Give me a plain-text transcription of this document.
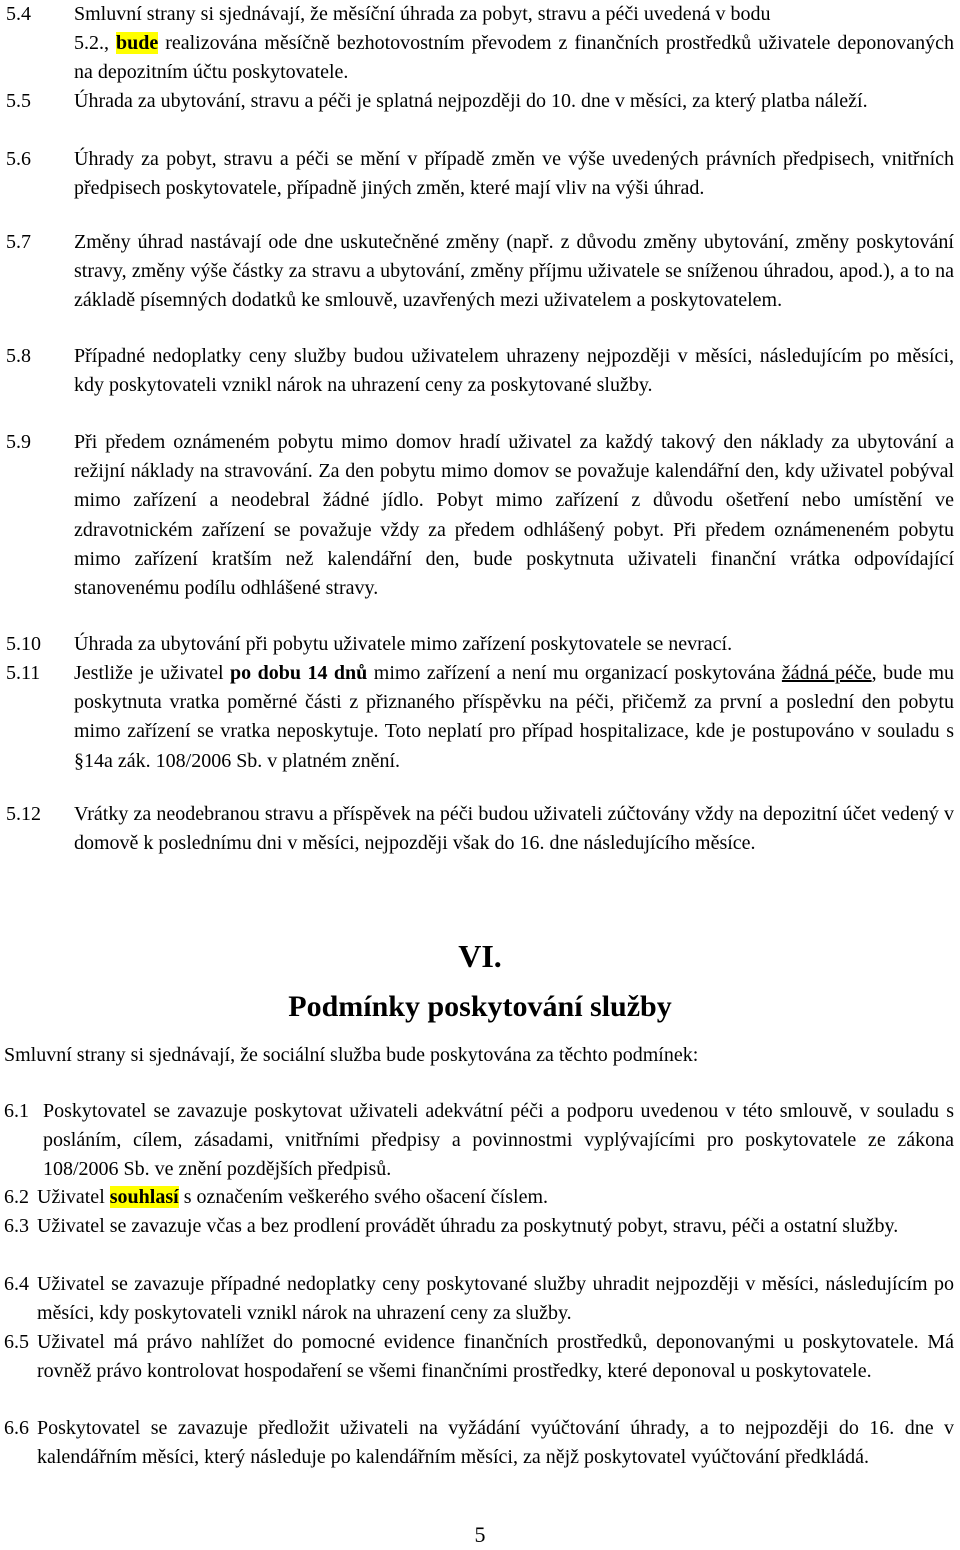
5.4 Smluvní strany si sjednávají, že měsíční úhrada za pobyt, stravu a péči uvedená v bodu
5.2., bude realizována měsíčně bezhotovostním převodem z finančních prostředků uživatele deponovaných na depozitním účtu poskytovatele.
5.5 Úhrada za ubytování, stravu a péči je splatná nejpozději do 10. dne v měsíci, za který platba náleží.
5.6 Úhrady za pobyt, stravu a péči se mění v případě změn ve výše uvedených právních předpisech, vnitřních předpisech poskytovatele, případně jiných změn, které mají vliv na výši úhrad.
5.7 Změny úhrad nastávají ode dne uskutečněné změny (např. z důvodu změny ubytování, změny poskytování stravy, změny výše částky za stravu a ubytování, změny příjmu uživatele se sníženou úhradou, apod.), a to na základě písemných dodatků ke smlouvě, uzavřených mezi uživatelem a poskytovatelem.
5.8 Případné nedoplatky ceny služby budou uživatelem uhrazeny nejpozději v měsíci, následujícím po měsíci, kdy poskytovateli vznikl nárok na uhrazení ceny za poskytované služby.
5.9 Při předem oznámeném pobytu mimo domov hradí uživatel za každý takový den náklady za ubytování a režijní náklady na stravování. Za den pobytu mimo domov se považuje kalendářní den, kdy uživatel pobýval mimo zařízení a neodebral žádné jídlo. Pobyt mimo zařízení z důvodu ošetření nebo umístění ve zdravotnickém zařízení se považuje vždy za předem odhlášený pobyt. Při předem oznámeneném pobytu mimo zařízení kratším než kalendářní den, bude poskytnuta uživateli finanční vrátka odpovídající stanovenému podílu odhlášené stravy.
5.10 Úhrada za ubytování při pobytu uživatele mimo zařízení poskytovatele se nevrací.
5.11 Jestliže je uživatel po dobu 14 dnů mimo zařízení a není mu organizací poskytována žádná péče, bude mu poskytnuta vratka poměrné části z přiznaného příspěvku na péči, přičemž za první a poslední den pobytu mimo zařízení se vratka neposkytuje. Toto neplatí pro případ hospitalizace, kde je postupováno v souladu s §14a zák. 108/2006 Sb. v platném znění.
5.12 Vrátky za neodebranou stravu a příspěvek na péči budou uživateli zúčtovány vždy na depozitní účet vedený v domově k poslednímu dni v měsíci, nejpozději však do 16. dne následujícího měsíce.
VI.
Podmínky poskytování služby
Smluvní strany si sjednávají, že sociální služba bude poskytována za těchto podmínek:
6.1 Poskytovatel se zavazuje poskytovat uživateli adekvátní péči a podporu uvedenou v této smlouvě, v souladu s posláním, cílem, zásadami, vnitřními předpisy a povinnostmi vyplývajícími pro poskytovatele ze zákona 108/2006 Sb. ve znění pozdějších předpisů.
6.2 Uživatel souhlasí s označením veškerého svého ošacení číslem.
6.3 Uživatel se zavazuje včas a bez prodlení provádět úhradu za poskytnutý pobyt, stravu, péči a ostatní služby.
6.4 Uživatel se zavazuje případné nedoplatky ceny poskytované služby uhradit nejpozději v měsíci, následujícím po měsíci, kdy poskytovateli vznikl nárok na uhrazení ceny za služby.
6.5 Uživatel má právo nahlížet do pomocné evidence finančních prostředků, deponovanými u poskytovatele. Má rovněž právo kontrolovat hospodaření se všemi finančními prostředky, které deponoval u poskytovatele.
6.6 Poskytovatel se zavazuje předložit uživateli na vyžádání vyúčtování úhrady, a to nejpozději do 16. dne v kalendářním měsíci, který následuje po kalendářním měsíci, za nějž poskytovatel vyúčtování předkládá.
5
